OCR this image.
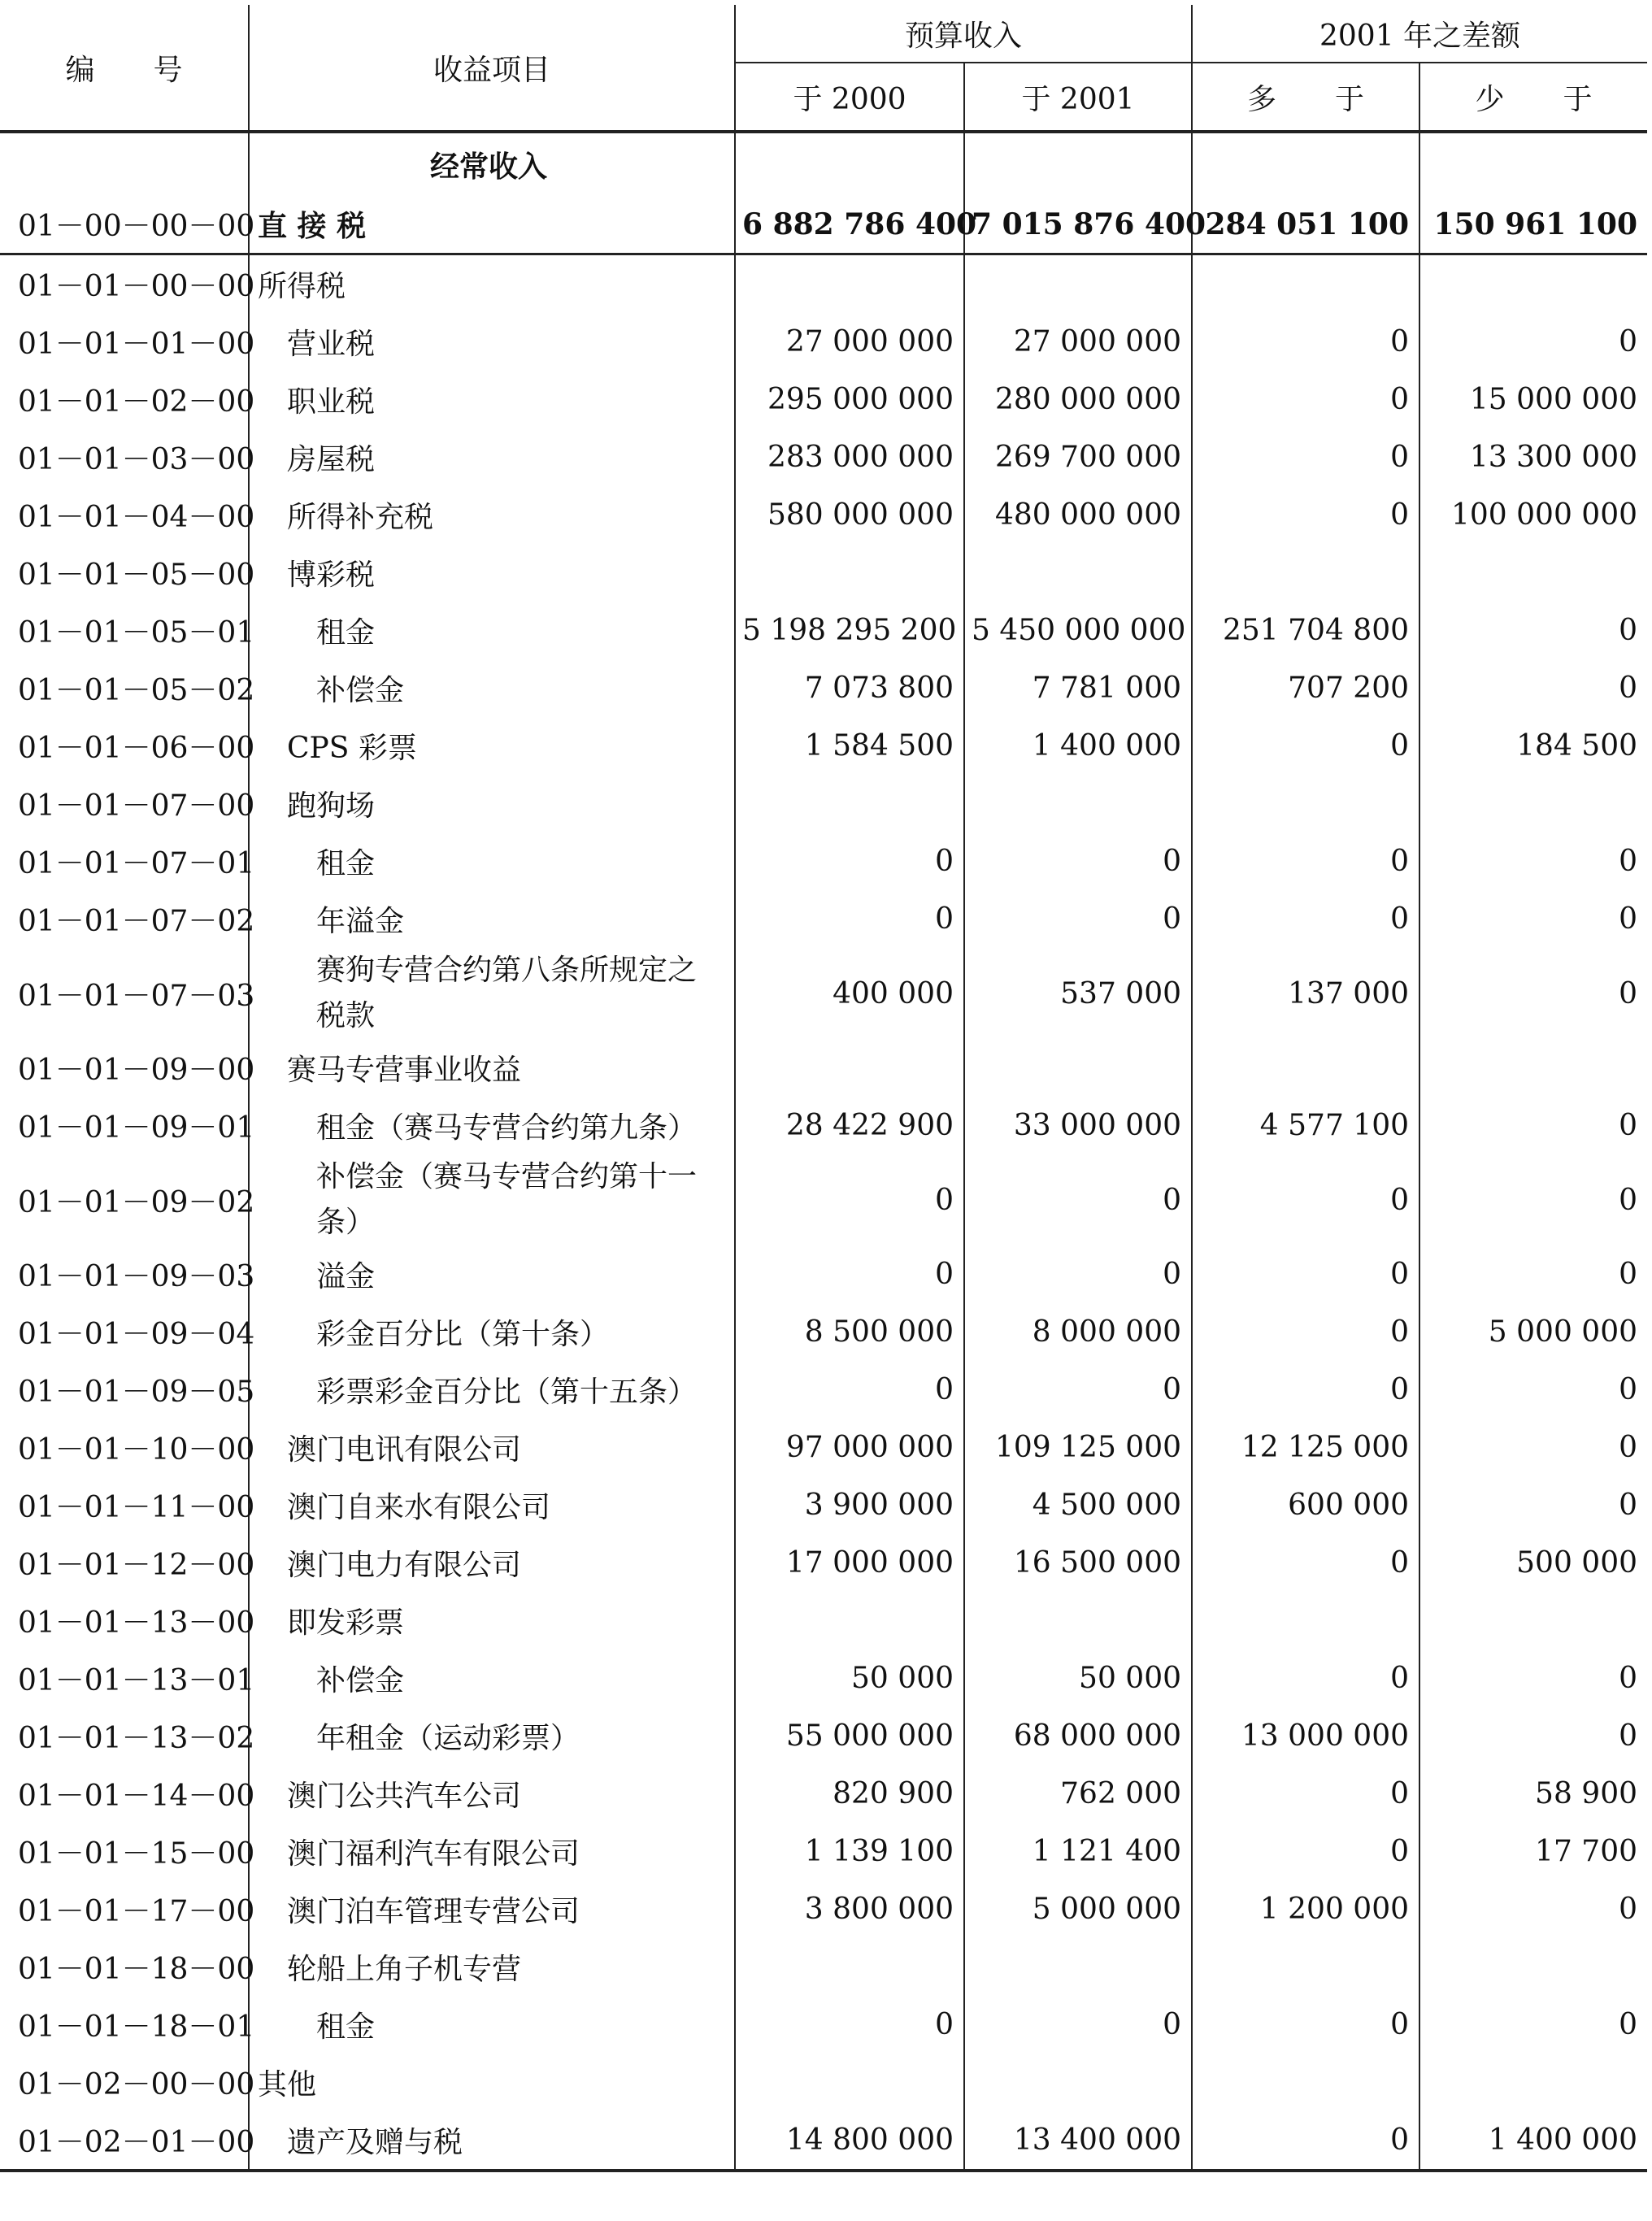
编　　号	收益项目	预算收入		2001 年之差额	
		于 2000	于 2001	多　　于	少　　于
	经常收入				
01－00－00－00	直 接 税	6 882 786 400	7 015 876 400	284 051 100	150 961 100
01－01－00－00	所得税				
01－01－01－00	营业税	27 000 000	27 000 000	0	0
01－01－02－00	职业税	295 000 000	280 000 000	0	15 000 000
01－01－03－00	房屋税	283 000 000	269 700 000	0	13 300 000
01－01－04－00	所得补充税	580 000 000	480 000 000	0	100 000 000
01－01－05－00	博彩税				
01－01－05－01	租金	5 198 295 200	5 450 000 000	251 704 800	0
01－01－05－02	补偿金	7 073 800	7 781 000	707 200	0
01－01－06－00	CPS 彩票	1 584 500	1 400 000	0	184 500
01－01－07－00	跑狗场				
01－01－07－01	租金	0	0	0	0
01－01－07－02	年溢金	0	0	0	0
01－01－07－03	赛狗专营合约第八条所规定之税款	400 000	537 000	137 000	0
01－01－09－00	赛马专营事业收益				
01－01－09－01	租金（赛马专营合约第九条）	28 422 900	33 000 000	4 577 100	0
01－01－09－02	补偿金（赛马专营合约第十一条）	0	0	0	0
01－01－09－03	溢金	0	0	0	0
01－01－09－04	彩金百分比（第十条）	8 500 000	8 000 000	0	5 000 000
01－01－09－05	彩票彩金百分比（第十五条）	0	0	0	0
01－01－10－00	澳门电讯有限公司	97 000 000	109 125 000	12 125 000	0
01－01－11－00	澳门自来水有限公司	3 900 000	4 500 000	600 000	0
01－01－12－00	澳门电力有限公司	17 000 000	16 500 000	0	500 000
01－01－13－00	即发彩票				
01－01－13－01	补偿金	50 000	50 000	0	0
01－01－13－02	年租金（运动彩票）	55 000 000	68 000 000	13 000 000	0
01－01－14－00	澳门公共汽车公司	820 900	762 000	0	58 900
01－01－15－00	澳门福利汽车有限公司	1 139 100	1 121 400	0	17 700
01－01－17－00	澳门泊车管理专营公司	3 800 000	5 000 000	1 200 000	0
01－01－18－00	轮船上角子机专营				
01－01－18－01	租金	0	0	0	0
01－02－00－00	其他				
01－02－01－00	遗产及赠与税	14 800 000	13 400 000	0	1 400 000
